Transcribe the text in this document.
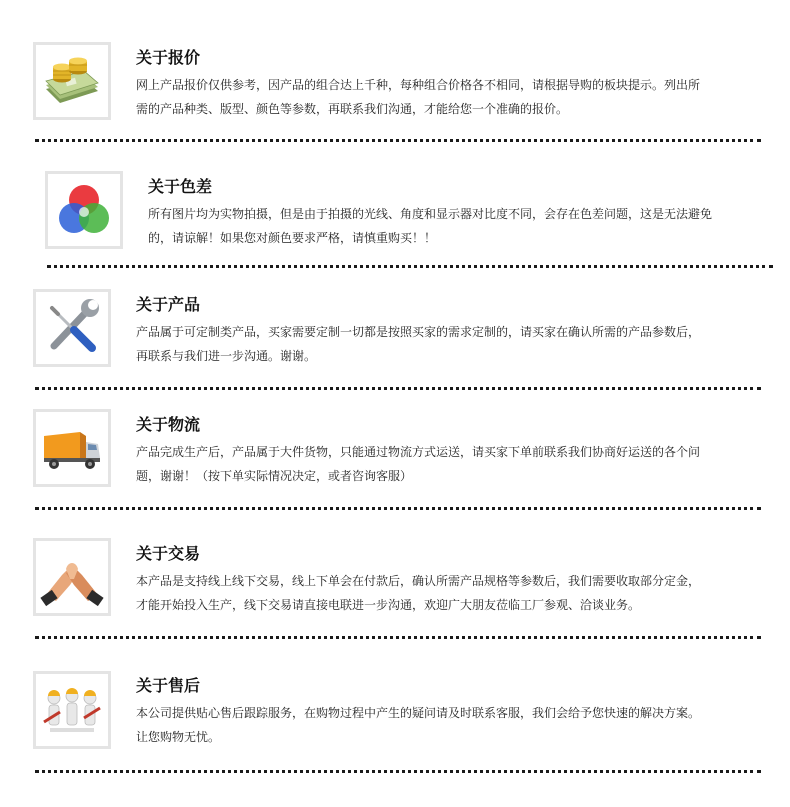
关于报价
网上产品报价仅供参考，因产品的组合达上千种，每种组合价格各不相同，请根据导购的板块提示。列出所
需的产品种类、版型、颜色等参数，再联系我们沟通，才能给您一个准确的报价。
关于色差
所有图片均为实物拍摄，但是由于拍摄的光线、角度和显示器对比度不同，会存在色差问题，这是无法避免
的，请谅解！如果您对颜色要求严格，请慎重购买！！
关于产品
产品属于可定制类产品，买家需要定制一切都是按照买家的需求定制的，请买家在确认所需的产品参数后，
再联系与我们进一步沟通。谢谢。
关于物流
产品完成生产后，产品属于大件货物，只能通过物流方式运送，请买家下单前联系我们协商好运送的各个问
题，谢谢！（按下单实际情况决定，或者咨询客服）
关于交易
本产品是支持线上线下交易，线上下单会在付款后，确认所需产品规格等参数后，我们需要收取部分定金，
才能开始投入生产，线下交易请直接电联进一步沟通，欢迎广大朋友莅临工厂参观、洽谈业务。
关于售后
本公司提供贴心售后跟踪服务，在购物过程中产生的疑问请及时联系客服，我们会给予您快速的解决方案。
让您购物无忧。
